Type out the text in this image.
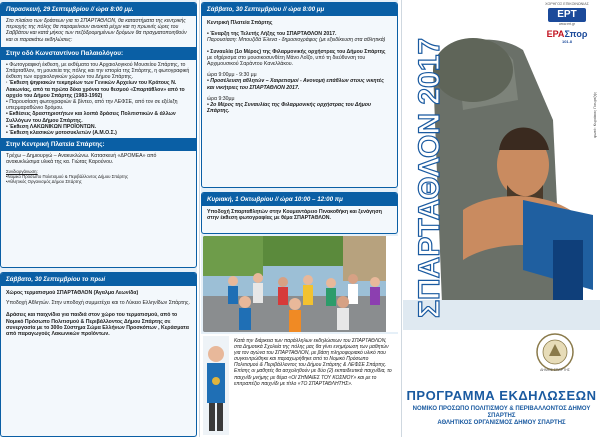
Παρασκευή, 29 Σεπτεμβρίου // ώρα 8:00 μμ.

Στο πλαίσιο των δράσεων για το ΣΠΑΡΤΑΘΛΟΝ, θα καταστήματα της κεντρικής περιοχής της πόλης θα παραμείνουν ανοικτά μέχρι και τη πρωινές ώρες του Σαββάτου και κατά μήκος των πεζόδρομημένων δρόμων θα πραγματοποιηθούν και οι παρακάτω εκδηλώσεις:

Στην οδό Κωνσταντίνου Παλαιολόγου:

• Φωτογραφική έκθεση, με εκθέματα του Αρχαιολογικού Μουσείου Σπάρτης, το Σπάρταθλον, τη μουσεία της πόλης και την ιστορία της Σπάρτης, η φωτογραφική έκθεση των αρχαιολογικών χώρων του Δήμου Σπάρτης.

· Έκθεση ψηφιακών τεκμηρίων των Γενικών Αρχείων του Κράτους Ν. Λακωνίας, από τα πρώτα δέκα χρόνια του θεσμού «Σπαρτάθλον» από το αρχείο του Δήμου Σπάρτης (1983-1992)

• Παρουσίαση φωτογραφιών & βίντεο, από την ΛΕΦΣΕ, από τον σε εξέλιξη υπερμαραθώνιο δρόμου.

• Εκθέσεις δραστηριοτήτων και λοιπά δράσεις Πολιτιστικών & άλλων Συλλόγων του Δήμου Σπάρτης.

• Έκθεση ΛΑΚΩΝΙΚΩΝ ΠΡΟΪΟΝΤΩΝ.

• Έκθεση κλασικών μοτοσυκλετών (Α.Μ.Ο.Σ.)

Στην Κεντρική Πλατεία Σπάρτης:

Τρέχω – Δημιουργώ – Ανακυκλώνω. Κατασκευή «ΔΡΟΜΕΑ» από ανακυκλώσιμα υλικά της κα. Γιώτας Καρούνου.

Συνδιοργάνωση:

•Νομικό Πρόσωπο Πολιτισμού & Περιβάλλοντος Δήμου Σπάρτης

•Αθλητικός Οργανισμός Δήμου Σπάρτης

Σάββατο, 30 Σεπτεμβρίου το πρωί

Χώρος τερματισμού ΣΠΑΡΤΑΘΛΟΝ (Άγαλμα Λεωνίδα)

Υποδοχή Αθλητών. Στην υποδοχή συμμετέχει και το Λύκειο Ελληνίδων Σπάρτης.

Δράσεις και παιχνίδια για παιδιά στον χώρο του τερματισμού, από το Νομικό Πρόσωπο Πολιτισμού & Περιβάλλοντος Δήμου Σπάρτης σε συνεργασία με το 300ο Σύστημα Σώμα Ελλήνων Προσκόπων , Κεράσματα από παραγωγούς Λακωνικών προϊόντων.

Σάββατο, 30 Σεπτεμβρίου // ώρα 8:00 μμ

Κεντρική Πλατεία Σπάρτης

• Έναρξη της Τελετής Λήξης του ΣΠΑΡΤΑΘΛΟΝ 2017.

Παρουσίαση: Μπουζιδά Έλενα - δημοσιογράφος (με εξειδίκευση στα αθλητικά)

• Συναυλία (1ο Μέρος) της Φιλαρμονικής ορχήστρας του Δήμου Σπάρτης με ofgέρισμα στο μουσικοσυνθέτη Μάνο Λοΐζο, υπό τη διεύθυνση του Αρχιμουσικού Σαράντου Κανελλάκου.

ώρα 9:00μμ - 9:30 μμ

• Προσέλευση αθλητών – Χαιρετισμοί - Ανονομή επάθλων στους νικητές και νικήτριες του ΣΠΑΡΤΑΘΛΟΝ 2017.

ώρα 9:30μμ

• 2ο Μέρος της Συναυλίας της Φιλαρμονικής ορχήστρας του Δήμου Σπάρτης.

Κυριακή, 1 Οκτωβρίου // ώρα 10:00 – 12:00 πμ

Υποδοχή Σπαρταθλητών στην Κουμαντάρειο Πινακοθήκη και ξενάγηση στην έκθεση φωτογραφίας με θέμα ΣΠΑΡΤΑΘΛΟΝ.

Κατά την διάρκεια των παράλληλων εκδηλώσεων του ΣΠΑΡΤΑΘΛΟΝ, στα Δημοτικά Σχολεία της πόλης μας θα γίνει ενημέρωση των μαθητών για τον αγώνα του ΣΠΑΡΤΑΘΛΟΝ, με βάση πληροφοριακό υλικό που συγκεντρώθηκε και παραχωρήθηκε από το Νομικό Πρόσωπο Πολιτισμού & Περιβάλλοντος του Δήμου Σπάρτης & ΛΕΦΣΕ Σπάρτης. Επίσης οι μαθητές θα ασχοληθούν με δύο (2) εκπαιδευτικά παιχνίδια, το παιχνίδι μνήμης με θέμα «ΟΙ ΣΗΜΑΙΕΣ ΤΟΥ ΚΟΣΜΟΥ» και με το επιτραπέζιο παιχνίδι με τίτλο «ΤΟ ΣΠΑΡΤΑΘΛΗΤΗΣ».

ΣΠΑΡΤΑΘΛΟΝ 2017
ΧΟΡΗΓΟΣ ΕΠΙΚΟΙΝΩΝΙΑΣ
ΕΡΤ
www.ert.gr
ΕΡΑΣπορ
101.8
φωτό: Κυριάκος Γιουρτζής
ΔΗΜΟΣ ΣΠΑΡΤΗΣ
ΠΡΟΓΡΑΜΜΑ ΕΚΔΗΛΩΣΕΩΝ
ΝΟΜΙΚΟ ΠΡΟΣΩΠΟ ΠΟΛΙΤΙΣΜΟΥ & ΠΕΡΙΒΑΛΛΟΝΤΟΣ ΔΗΜΟΥ ΣΠΑΡΤΗΣ
ΑΘΛΗΤΙΚΟΣ ΟΡΓΑΝΙΣΜΟΣ ΔΗΜΟΥ ΣΠΑΡΤΗΣ
